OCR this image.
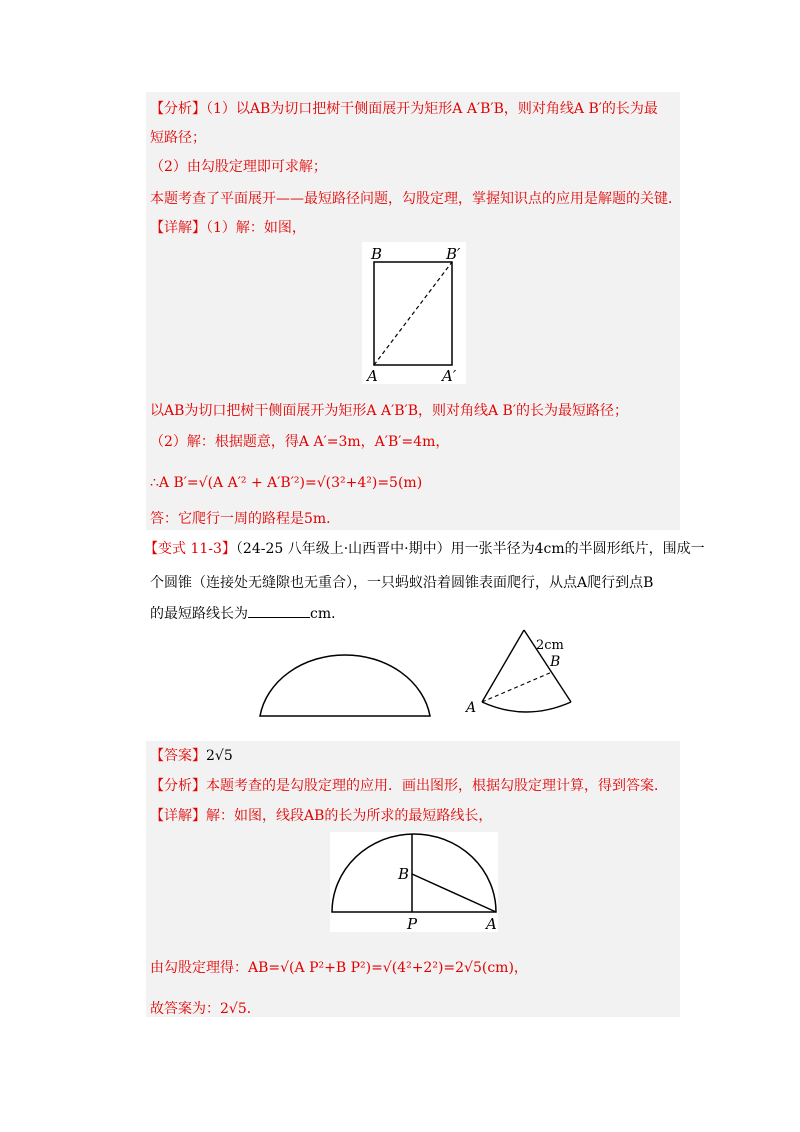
【分析】（1）以AB为切口把树干侧面展开为矩形A A′B′B，则对角线A B′的长为最
短路径；
（2）由勾股定理即可求解；
本题考查了平面展开——最短路径问题，勾股定理，掌握知识点的应用是解题的关键．
【详解】（1）解：如图，
B	B′
A	A′
以AB为切口把树干侧面展开为矩形A A′B′B，则对角线A B′的长为最短路径；
（2）解：根据题意，得A A′=3m，A′B′=4m，
∴A B′=√(A A′² + A′B′²)=√(3²+4²)=5(m)
答：它爬行一周的路程是5m．
【变式 11-3】（24-25 八年级上·山西晋中·期中）用一张半径为4cm的半圆形纸片，围成一
个圆锥（连接处无缝隙也无重合），一只蚂蚁沿着圆锥表面爬行，从点A爬行到点B
的最短路线长为	cm．
2cm
B
A
【答案】2√5
【分析】本题考查的是勾股定理的应用．画出图形，根据勾股定理计算，得到答案．
【详解】解：如图，线段AB的长为所求的最短路线长，
B
P	A
由勾股定理得：AB=√(A P²+B P²)=√(4²+2²)=2√5(cm)，
故答案为：2√5．
